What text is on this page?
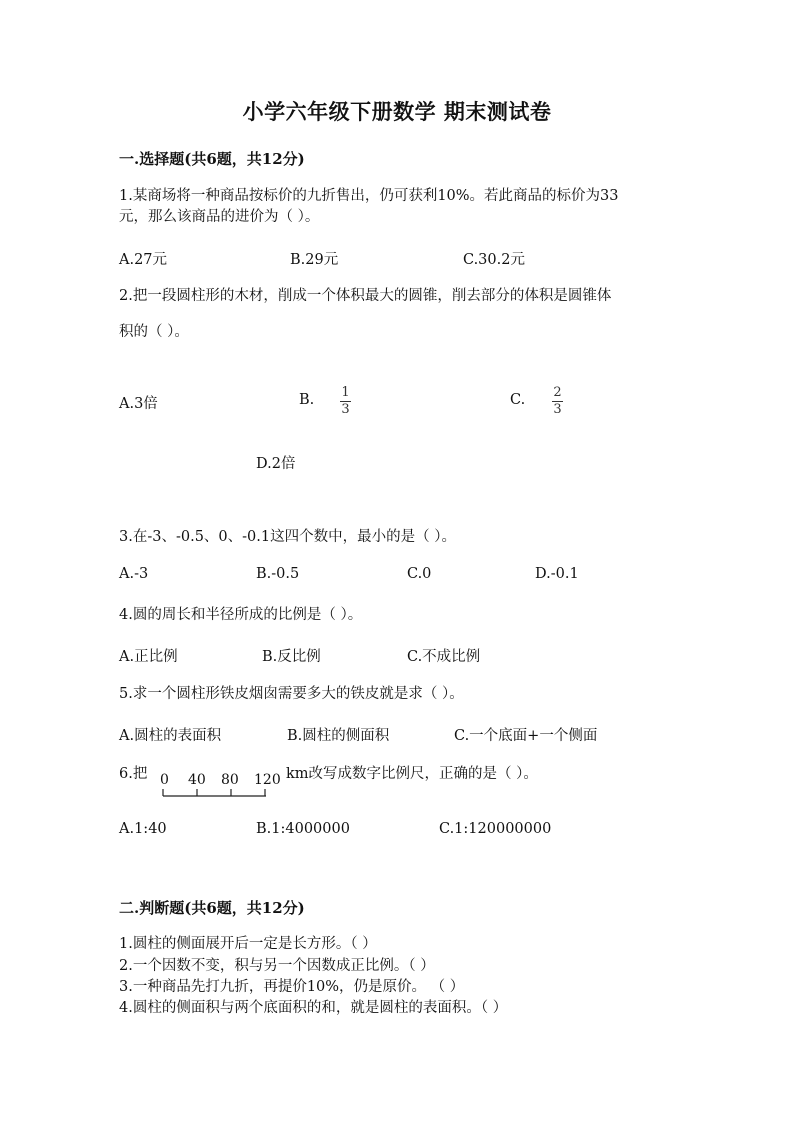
小学六年级下册数学 期末测试卷
一.选择题(共6题，共12分)
1.某商场将一种商品按标价的九折售出，仍可获利10%。若此商品的标价为33
元，那么该商品的进价为（ ）。
A.27元	B.29元	C.30.2元
2.把一段圆柱形的木材，削成一个体积最大的圆锥，削去部分的体积是圆锥体
积的（ ）。
A.3倍	B. 1
3
C. 2
3
D.2倍
3.在-3、-0.5、0、-0.1这四个数中，最小的是（ ）。
A.-3	B.-0.5	C.0	D.-0.1
4.圆的周长和半径所成的比例是（ ）。
A.正比例	B.反比例	C.不成比例
5.求一个圆柱形铁皮烟囱需要多大的铁皮就是求（ ）。
A.圆柱的表面积	B.圆柱的侧面积	C.一个底面+一个侧面
6.把 0 40 80 120 km改写成数字比例尺，正确的是（ ）。
A.1:40	B.1:4000000	C.1:120000000
二.判断题(共6题，共12分)
1.圆柱的侧面展开后一定是长方形。（ ）
2.一个因数不变，积与另一个因数成正比例。（ ）
3.一种商品先打九折，再提价10%，仍是原价。 （ ）
4.圆柱的侧面积与两个底面积的和，就是圆柱的表面积。（ ）
